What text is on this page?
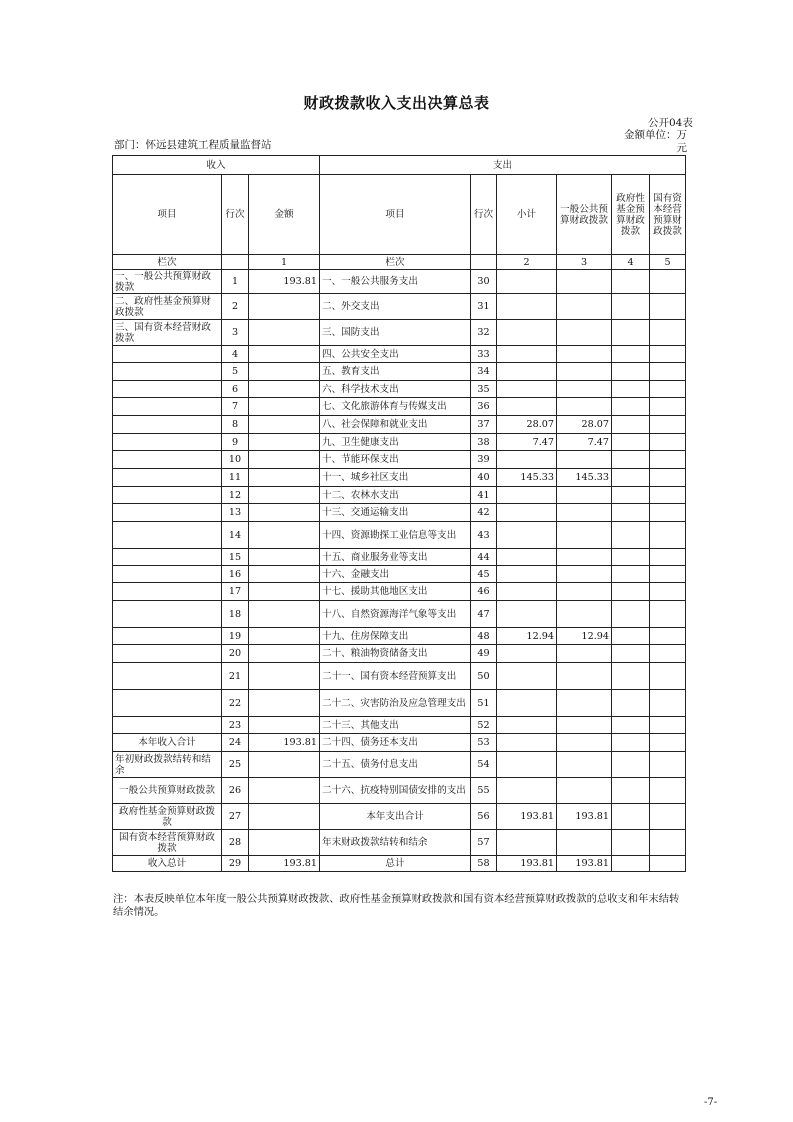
财政拨款收入支出决算总表
公开04表
部门：怀远县建筑工程质量监督站
金额单位：万
元
收入			支出					
项目	行次	金额	项目	行次	小计	一般公共预算财政拨款	政府性基金预算财政拨款	国有资本经营预算财政拨款
栏次		1	栏次		2	3	4	5
一、一般公共预算财政拨款	1	193.81	一、一般公共服务支出	30				
二、政府性基金预算财政拨款	2		二、外交支出	31				
三、国有资本经营财政拨款	3		三、国防支出	32				
	4		四、公共安全支出	33				
	5		五、教育支出	34				
	6		六、科学技术支出	35				
	7		七、文化旅游体育与传媒支出	36				
	8		八、社会保障和就业支出	37	28.07	28.07		
	9		九、卫生健康支出	38	7.47	7.47		
	10		十、节能环保支出	39				
	11		十一、城乡社区支出	40	145.33	145.33		
	12		十二、农林水支出	41				
	13		十三、交通运输支出	42				
	14		十四、资源勘探工业信息等支出	43				
	15		十五、商业服务业等支出	44				
	16		十六、金融支出	45				
	17		十七、援助其他地区支出	46				
	18		十八、自然资源海洋气象等支出	47				
	19		十九、住房保障支出	48	12.94	12.94		
	20		二十、粮油物资储备支出	49				
	21		二十一、国有资本经营预算支出	50				
	22		二十二、灾害防治及应急管理支出	51				
	23		二十三、其他支出	52				
本年收入合计	24	193.81	二十四、债务还本支出	53				
年初财政拨款结转和结余	25		二十五、债务付息支出	54				
一般公共预算财政拨款	26		二十六、抗疫特别国债安排的支出	55				
政府性基金预算财政拨款	27		本年支出合计	56	193.81	193.81		
国有资本经营预算财政拨款	28		年末财政拨款结转和结余	57				
收入总计	29	193.81	总计	58	193.81	193.81		
注：本表反映单位本年度一般公共预算财政拨款、政府性基金预算财政拨款和国有资本经营预算财政拨款的总收支和年末结转结余情况。
-7-
